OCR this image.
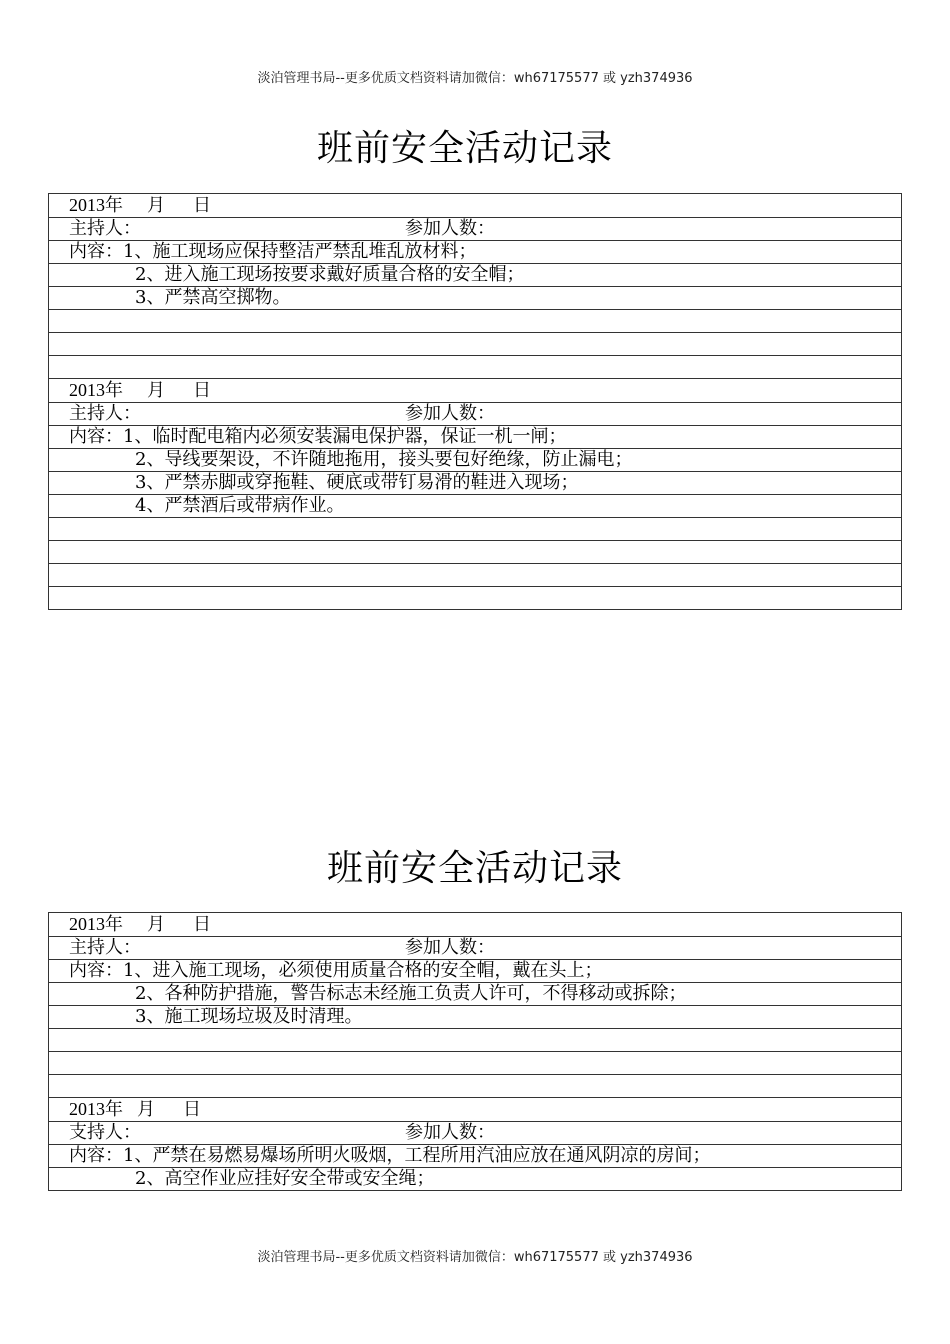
淡泊管理书局--更多优质文档资料请加微信：wh67175577 或 yzh374936
班前安全活动记录
2013年 月 日
主持人：	参加人数：
内容：1、施工现场应保持整洁严禁乱堆乱放材料；
2、进入施工现场按要求戴好质量合格的安全帽；
3、严禁高空掷物。

2013年 月 日
主持人：	参加人数：
内容：1、临时配电箱内必须安装漏电保护器，保证一机一闸；
2、导线要架设，不许随地拖用，接头要包好绝缘，防止漏电；
3、严禁赤脚或穿拖鞋、硬底或带钉易滑的鞋进入现场；
4、严禁酒后或带病作业。

班前安全活动记录
2013年 月 日
主持人：	参加人数：
内容：1、进入施工现场，必须使用质量合格的安全帽，戴在头上；
2、各种防护措施，警告标志未经施工负责人许可，不得移动或拆除；
3、施工现场垃圾及时清理。

2013年 月 日
支持人：	参加人数：
内容：1、严禁在易燃易爆场所明火吸烟，工程所用汽油应放在通风阴凉的房间；
2、高空作业应挂好安全带或安全绳；
淡泊管理书局--更多优质文档资料请加微信：wh67175577 或 yzh374936
